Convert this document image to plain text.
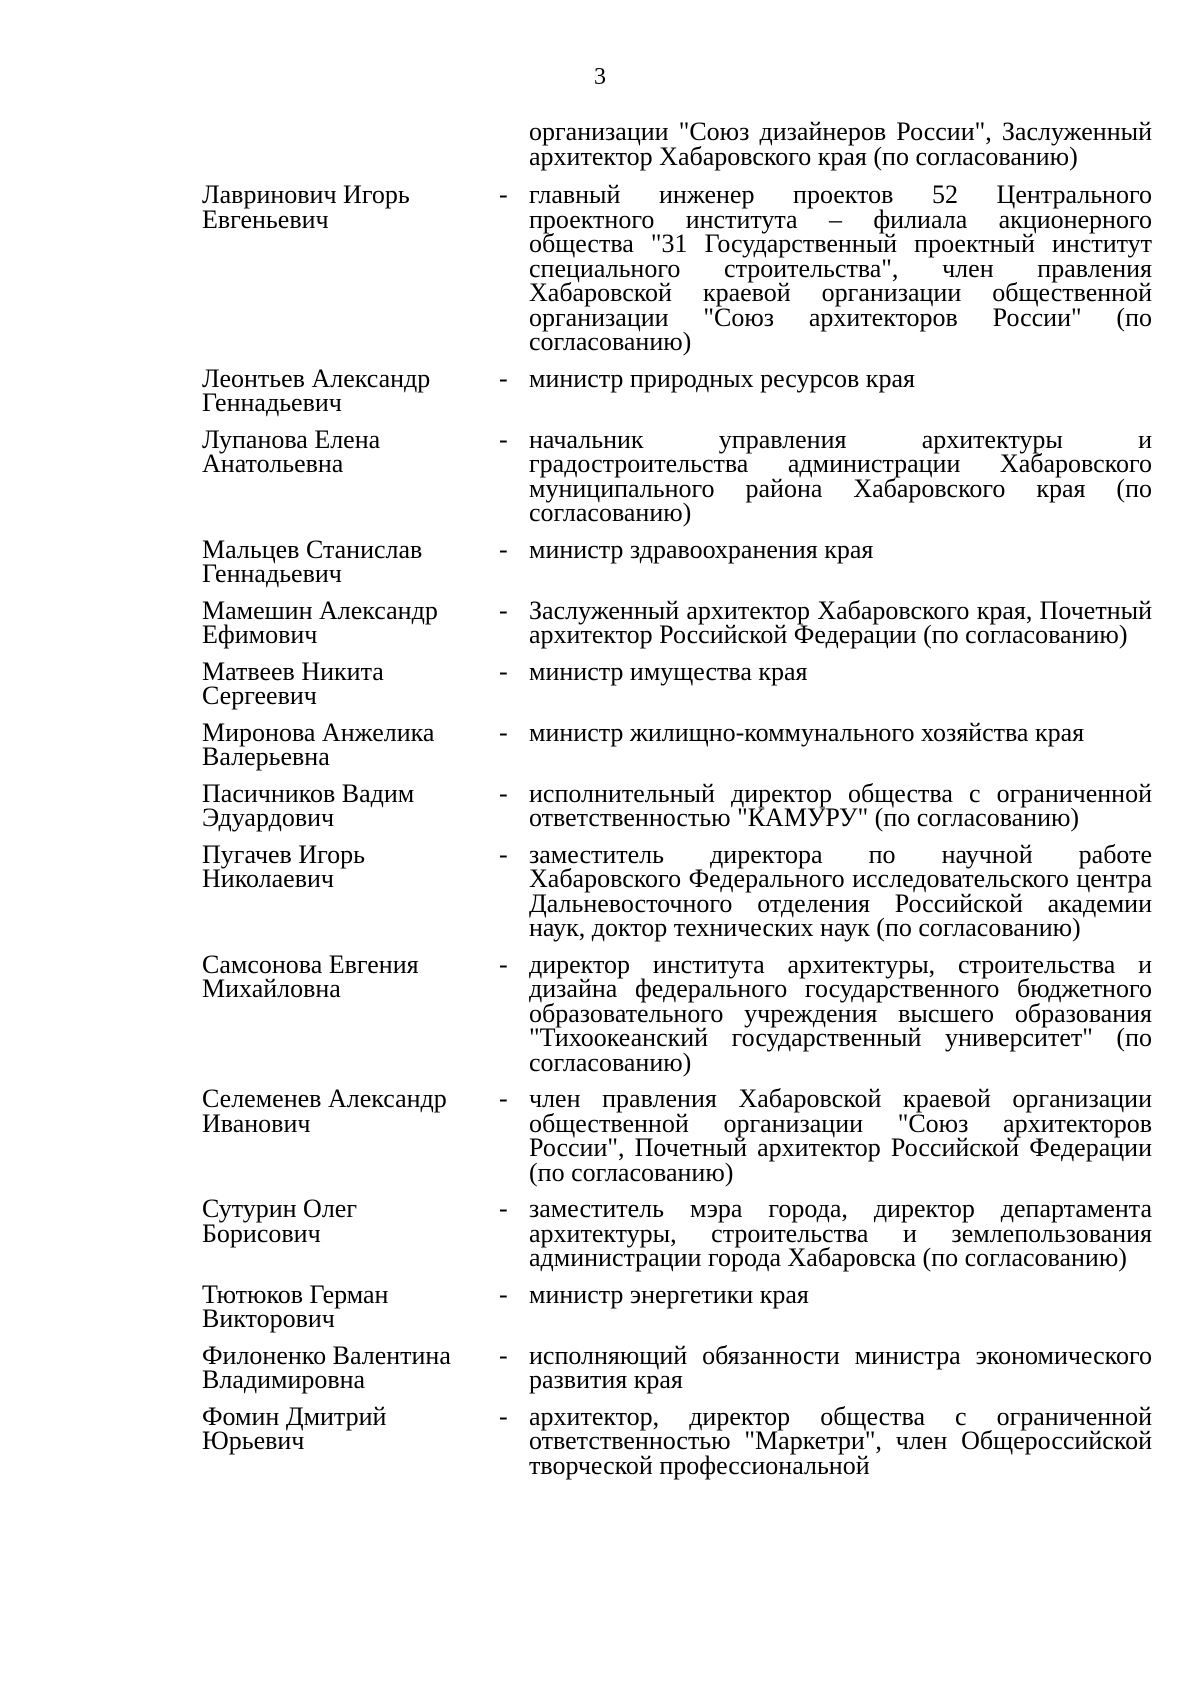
3
организации "Союз дизайнеров России", Заслуженный архитектор Хабаровского края (по согласованию)
Лавринович Игорь
Евгеньевич
- главный инженер проектов 52 Центрального проектного института – филиала акционерного общества "31 Государственный проектный институт специального строительства", член правления Хабаровской краевой организации общественной организации "Союз архитекторов России" (по согласованию)
Леонтьев Александр
Геннадьевич
- министр природных ресурсов края
Лупанова Елена
Анатольевна
- начальник управления архитектуры и градостроительства администрации Хабаровского муниципального района Хабаровского края (по согласованию)
Мальцев Станислав
Геннадьевич
- министр здравоохранения края
Мамешин Александр
Ефимович
- Заслуженный архитектор Хабаровского края, Почетный архитектор Российской Федерации (по согласованию)
Матвеев Никита
Сергеевич
- министр имущества края
Миронова Анжелика
Валерьевна
- министр жилищно-коммунального хозяйства края
Пасичников Вадим
Эдуардович
- исполнительный директор общества с ограниченной ответственностью "КАМУРУ" (по согласованию)
Пугачев Игорь
Николаевич
- заместитель директора по научной работе Хабаровского Федерального исследовательского центра Дальневосточного отделения Российской академии наук, доктор технических наук (по согласованию)
Самсонова Евгения
Михайловна
- директор института архитектуры, строительства и дизайна федерального государственного бюджетного образовательного учреждения высшего образования "Тихоокеанский государственный университет" (по согласованию)
Селеменев Александр
Иванович
- член правления Хабаровской краевой организации общественной организации "Союз архитекторов России", Почетный архитектор Российской Федерации (по согласованию)
Сутурин Олег
Борисович
- заместитель мэра города, директор департамента архитектуры, строительства и землепользования администрации города Хабаровска (по согласованию)
Тютюков Герман
Викторович
- министр энергетики края
Филоненко Валентина
Владимировна
- исполняющий обязанности министра экономического развития края
Фомин Дмитрий
Юрьевич
- архитектор, директор общества с ограниченной ответственностью "Маркетри", член Общероссийской творческой профессиональной
